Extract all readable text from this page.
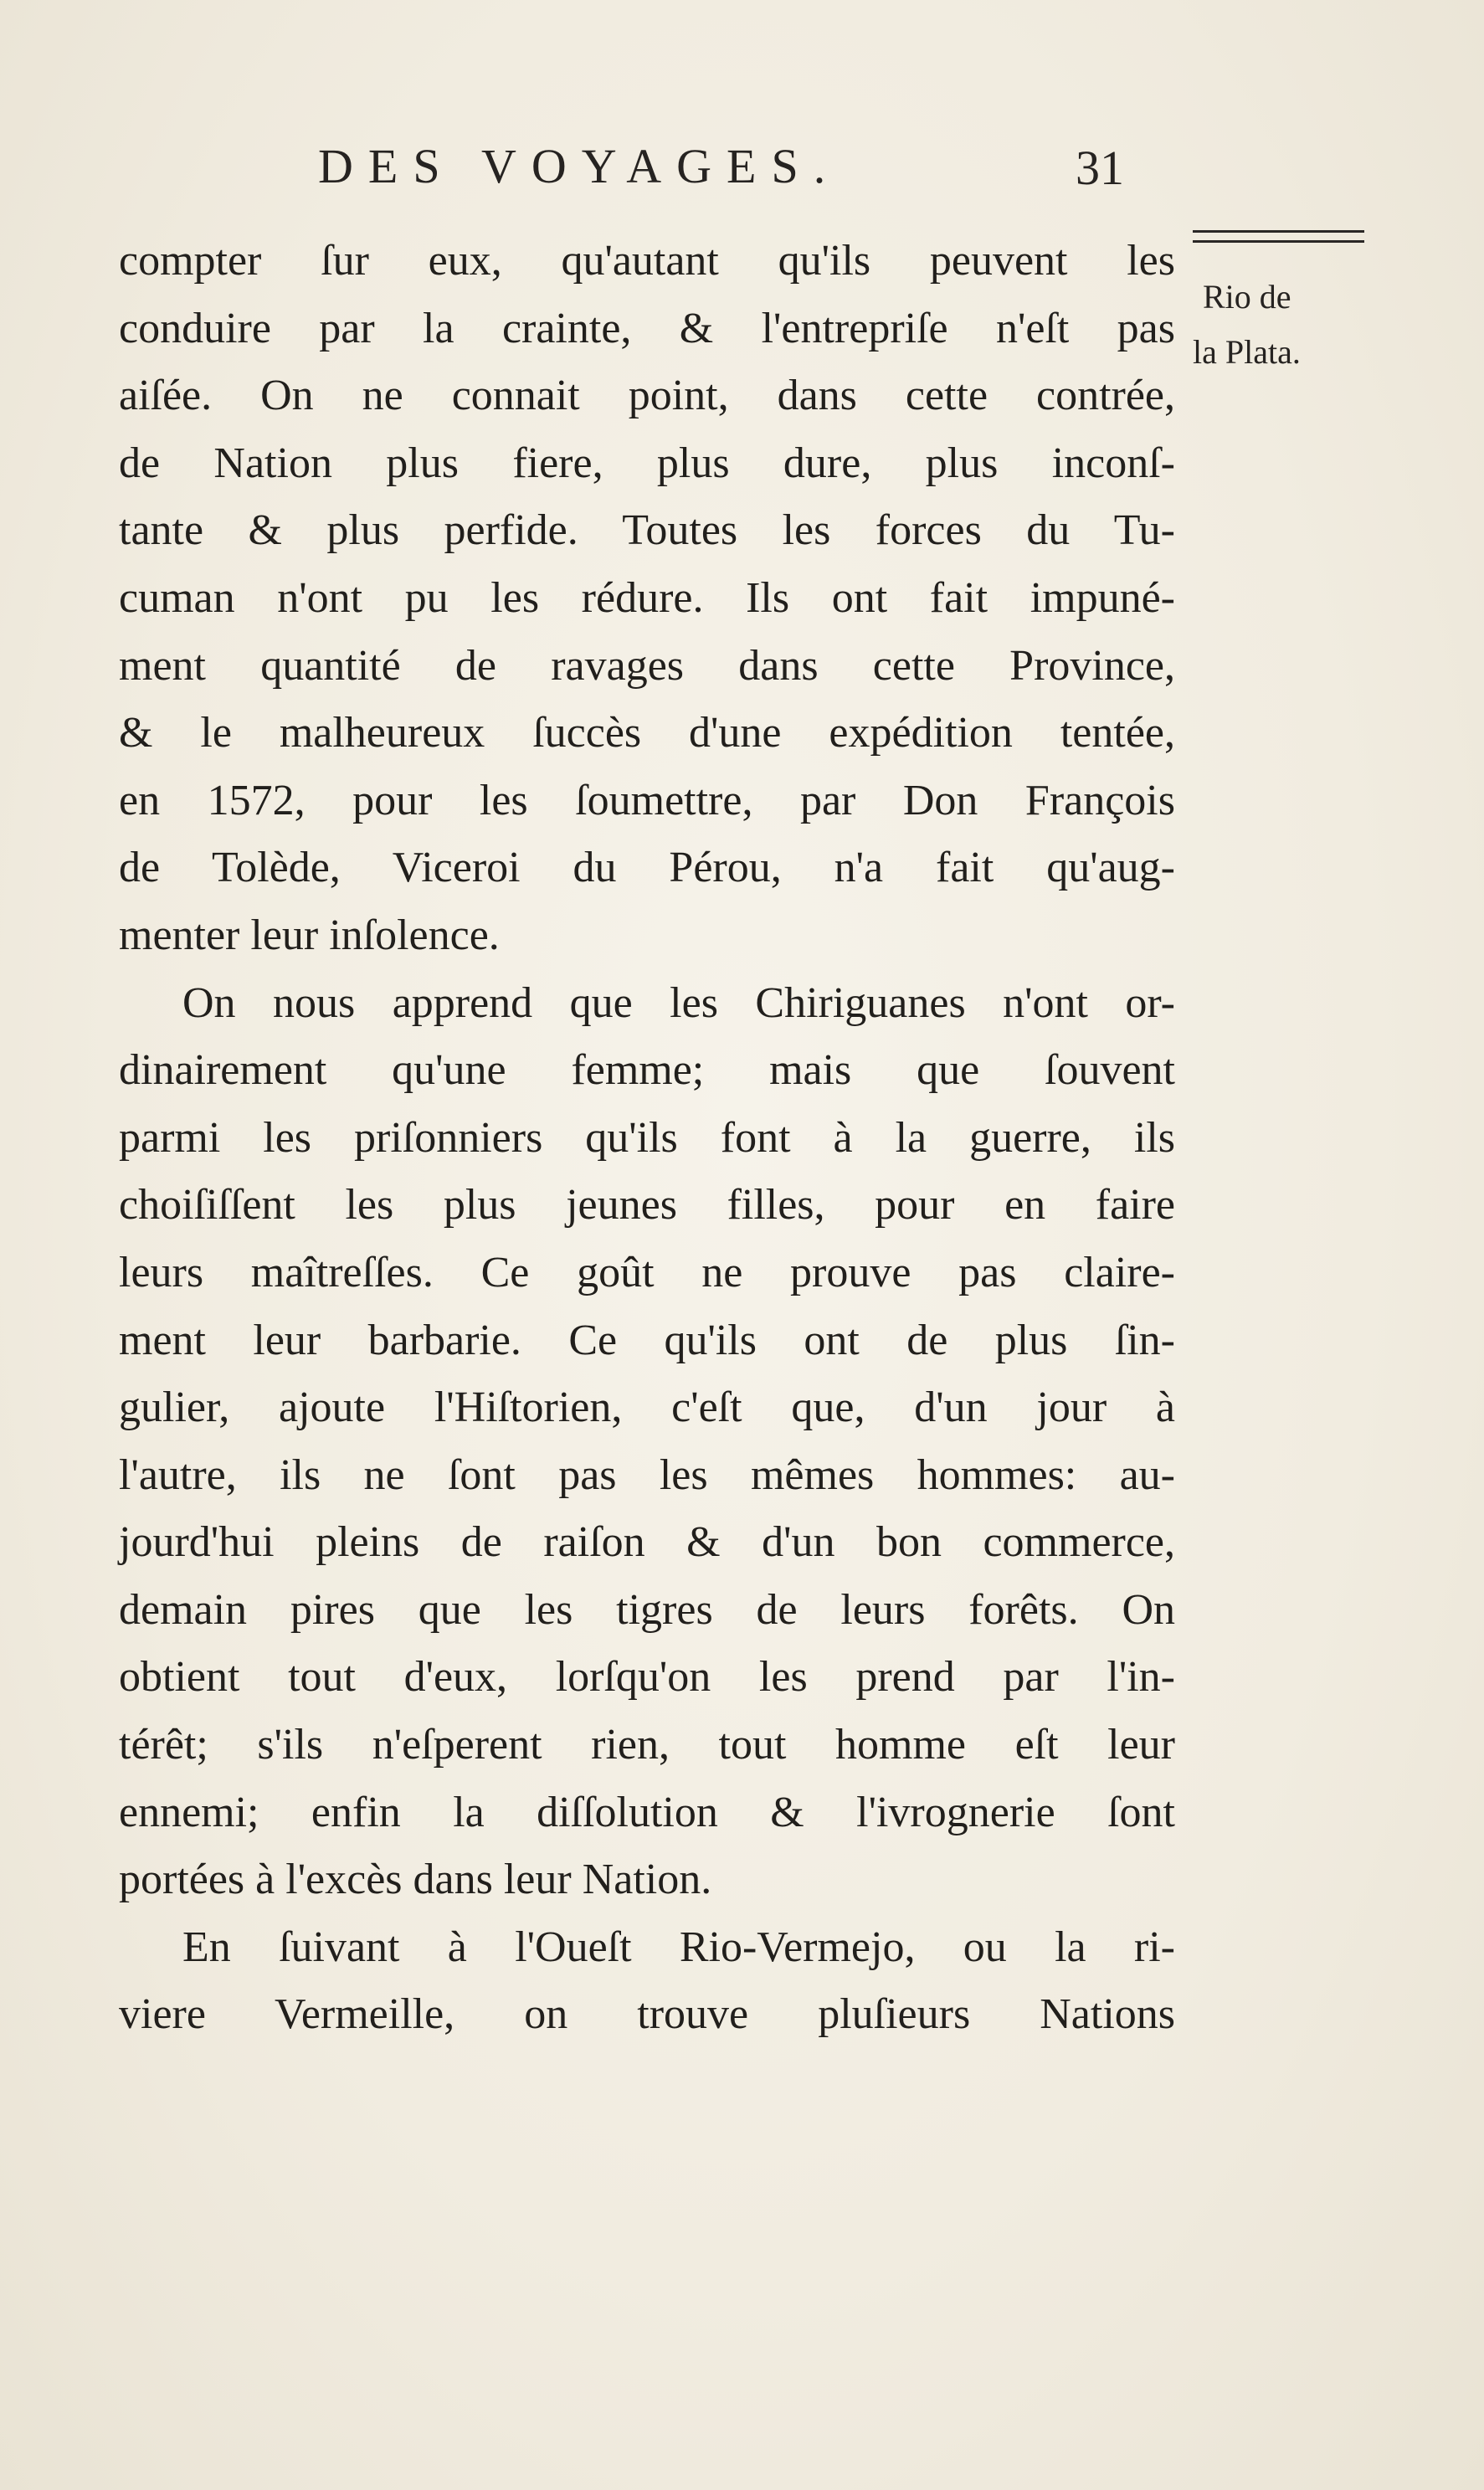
DES VOYAGES.	31
Rio de
la Plata.
compter ſur eux, qu'autant qu'ils peuvent les
conduire par la crainte, & l'entrepriſe n'eſt pas
aiſée. On ne connait point, dans cette contrée,
de Nation plus fiere, plus dure, plus inconſ-
tante & plus perfide. Toutes les forces du Tu-
cuman n'ont pu les rédure. Ils ont fait impuné-
ment quantité de ravages dans cette Province,
& le malheureux ſuccès d'une expédition tentée,
en 1572, pour les ſoumettre, par Don François
de Tolède, Viceroi du Pérou, n'a fait qu'aug-
menter leur inſolence.
On nous apprend que les Chiriguanes n'ont or-
dinairement qu'une femme; mais que ſouvent
parmi les priſonniers qu'ils font à la guerre, ils
choiſiſſent les plus jeunes filles, pour en faire
leurs maîtreſſes. Ce goût ne prouve pas claire-
ment leur barbarie. Ce qu'ils ont de plus ſin-
gulier, ajoute l'Hiſtorien, c'eſt que, d'un jour à
l'autre, ils ne ſont pas les mêmes hommes: au-
jourd'hui pleins de raiſon & d'un bon commerce,
demain pires que les tigres de leurs forêts. On
obtient tout d'eux, lorſqu'on les prend par l'in-
térêt; s'ils n'eſperent rien, tout homme eſt leur
ennemi; enfin la diſſolution & l'ivrognerie ſont
portées à l'excès dans leur Nation.
En ſuivant à l'Oueſt Rio-Vermejo, ou la ri-
viere Vermeille, on trouve pluſieurs Nations
